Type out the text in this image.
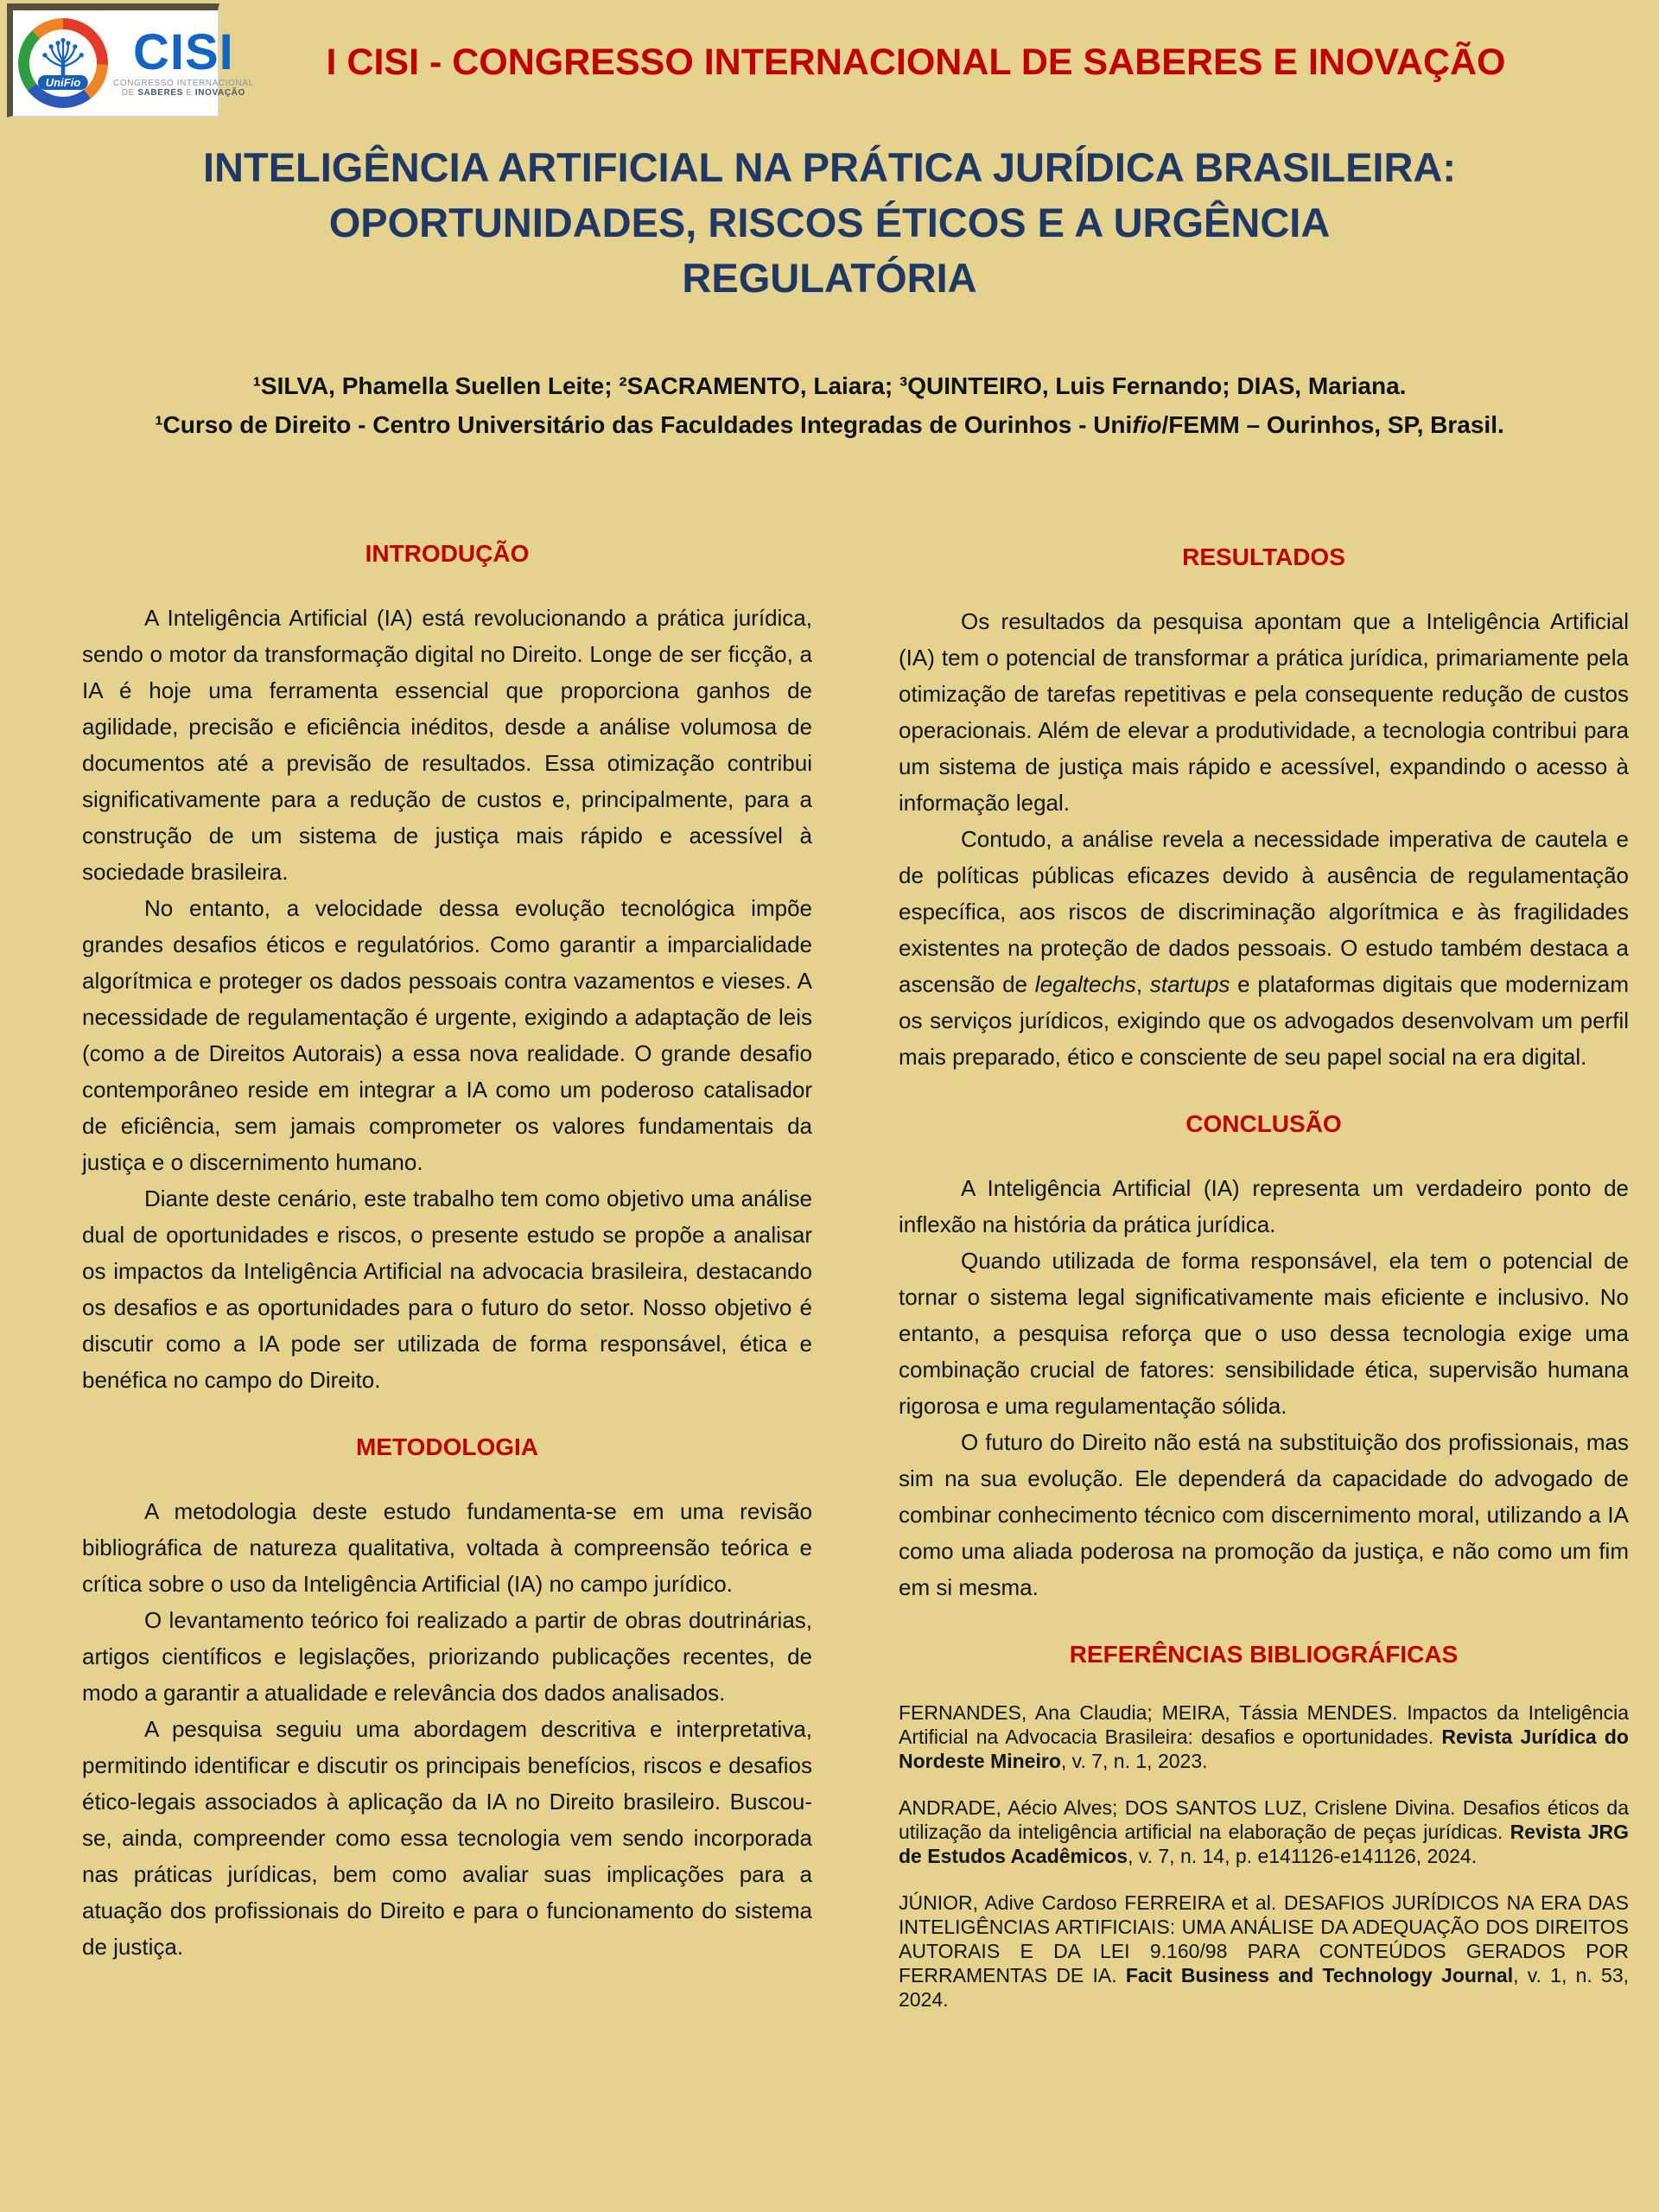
UniFio
CISI
CONGRESSO INTERNACIONAL
DE SABERES E INOVAÇÃO
I CISI - CONGRESSO INTERNACIONAL DE SABERES E INOVAÇÃO
INTELIGÊNCIA ARTIFICIAL NA PRÁTICA JURÍDICA BRASILEIRA: OPORTUNIDADES, RISCOS ÉTICOS E A URGÊNCIA REGULATÓRIA
¹SILVA, Phamella Suellen Leite; ²SACRAMENTO, Laiara; ³QUINTEIRO, Luis Fernando; DIAS, Mariana.
¹Curso de Direito - Centro Universitário das Faculdades Integradas de Ourinhos - Unifio/FEMM – Ourinhos, SP, Brasil.
INTRODUÇÃO

A Inteligência Artificial (IA) está revolucionando a prática jurídica, sendo o motor da transformação digital no Direito. Longe de ser ficção, a IA é hoje uma ferramenta essencial que proporciona ganhos de agilidade, precisão e eficiência inéditos, desde a análise volumosa de documentos até a previsão de resultados. Essa otimização contribui significativamente para a redução de custos e, principalmente, para a construção de um sistema de justiça mais rápido e acessível à sociedade brasileira.

No entanto, a velocidade dessa evolução tecnológica impõe grandes desafios éticos e regulatórios. Como garantir a imparcialidade algorítmica e proteger os dados pessoais contra vazamentos e vieses. A necessidade de regulamentação é urgente, exigindo a adaptação de leis (como a de Direitos Autorais) a essa nova realidade. O grande desafio contemporâneo reside em integrar a IA como um poderoso catalisador de eficiência, sem jamais comprometer os valores fundamentais da justiça e o discernimento humano.

Diante deste cenário, este trabalho tem como objetivo uma análise dual de oportunidades e riscos, o presente estudo se propõe a analisar os impactos da Inteligência Artificial na advocacia brasileira, destacando os desafios e as oportunidades para o futuro do setor. Nosso objetivo é discutir como a IA pode ser utilizada de forma responsável, ética e benéfica no campo do Direito.

METODOLOGIA

A metodologia deste estudo fundamenta-se em uma revisão bibliográfica de natureza qualitativa, voltada à compreensão teórica e crítica sobre o uso da Inteligência Artificial (IA) no campo jurídico.

O levantamento teórico foi realizado a partir de obras doutrinárias, artigos científicos e legislações, priorizando publicações recentes, de modo a garantir a atualidade e relevância dos dados analisados.

A pesquisa seguiu uma abordagem descritiva e interpretativa, permitindo identificar e discutir os principais benefícios, riscos e desafios ético-legais associados à aplicação da IA no Direito brasileiro. Buscou-se, ainda, compreender como essa tecnologia vem sendo incorporada nas práticas jurídicas, bem como avaliar suas implicações para a atuação dos profissionais do Direito e para o funcionamento do sistema de justiça.

RESULTADOS

Os resultados da pesquisa apontam que a Inteligência Artificial (IA) tem o potencial de transformar a prática jurídica, primariamente pela otimização de tarefas repetitivas e pela consequente redução de custos operacionais. Além de elevar a produtividade, a tecnologia contribui para um sistema de justiça mais rápido e acessível, expandindo o acesso à informação legal.

Contudo, a análise revela a necessidade imperativa de cautela e de políticas públicas eficazes devido à ausência de regulamentação específica, aos riscos de discriminação algorítmica e às fragilidades existentes na proteção de dados pessoais. O estudo também destaca a ascensão de legaltechs, startups e plataformas digitais que modernizam os serviços jurídicos, exigindo que os advogados desenvolvam um perfil mais preparado, ético e consciente de seu papel social na era digital.

CONCLUSÃO

A Inteligência Artificial (IA) representa um verdadeiro ponto de inflexão na história da prática jurídica.

Quando utilizada de forma responsável, ela tem o potencial de tornar o sistema legal significativamente mais eficiente e inclusivo. No entanto, a pesquisa reforça que o uso dessa tecnologia exige uma combinação crucial de fatores: sensibilidade ética, supervisão humana rigorosa e uma regulamentação sólida.

O futuro do Direito não está na substituição dos profissionais, mas sim na sua evolução. Ele dependerá da capacidade do advogado de combinar conhecimento técnico com discernimento moral, utilizando a IA como uma aliada poderosa na promoção da justiça, e não como um fim em si mesma.

REFERÊNCIAS BIBLIOGRÁFICAS

FERNANDES, Ana Claudia; MEIRA, Tássia MENDES. Impactos da Inteligência Artificial na Advocacia Brasileira: desafios e oportunidades. Revista Jurídica do Nordeste Mineiro, v. 7, n. 1, 2023.

ANDRADE, Aécio Alves; DOS SANTOS LUZ, Crislene Divina. Desafios éticos da utilização da inteligência artificial na elaboração de peças jurídicas. Revista JRG de Estudos Acadêmicos, v. 7, n. 14, p. e141126-e141126, 2024.

JÚNIOR, Adive Cardoso FERREIRA et al. DESAFIOS JURÍDICOS NA ERA DAS INTELIGÊNCIAS ARTIFICIAIS: UMA ANÁLISE DA ADEQUAÇÃO DOS DIREITOS AUTORAIS E DA LEI 9.160/98 PARA CONTEÚDOS GERADOS POR FERRAMENTAS DE IA. Facit Business and Technology Journal, v. 1, n. 53, 2024.
